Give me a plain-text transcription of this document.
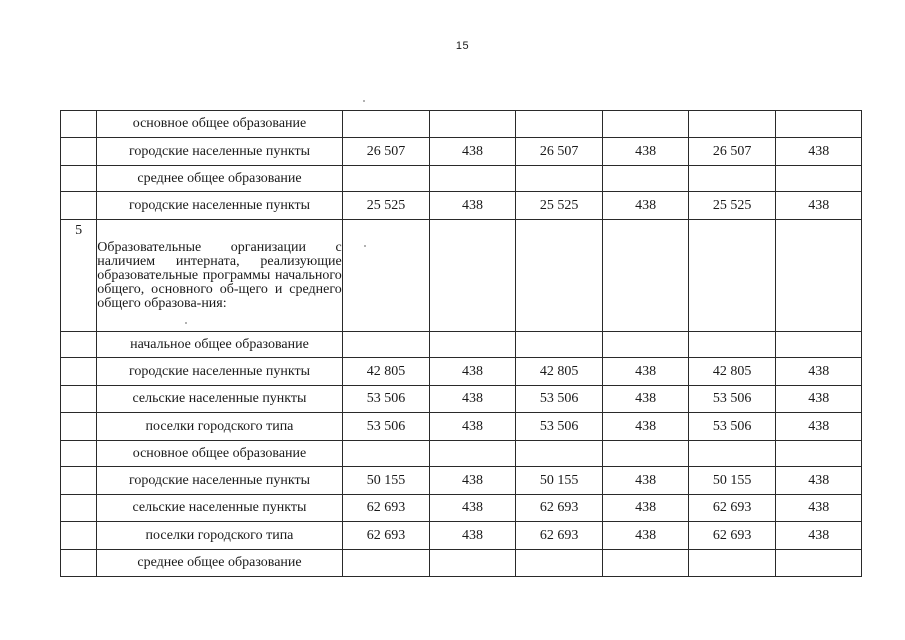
15
	основное общее образование						
	городские населенные пункты	26 507	438	26 507	438	26 507	438
	среднее общее образование						
	городские населенные пункты	25 525	438	25 525	438	25 525	438
5	Образовательные организации с наличием интерната, реализующие образовательные программы начального общего, основного об-щего и среднего общего образова-ния:						
	начальное общее образование						
	городские населенные пункты	42 805	438	42 805	438	42 805	438
	сельские населенные пункты	53 506	438	53 506	438	53 506	438
	поселки городского типа	53 506	438	53 506	438	53 506	438
	основное общее образование						
	городские населенные пункты	50 155	438	50 155	438	50 155	438
	сельские населенные пункты	62 693	438	62 693	438	62 693	438
	поселки городского типа	62 693	438	62 693	438	62 693	438
	среднее общее образование						
